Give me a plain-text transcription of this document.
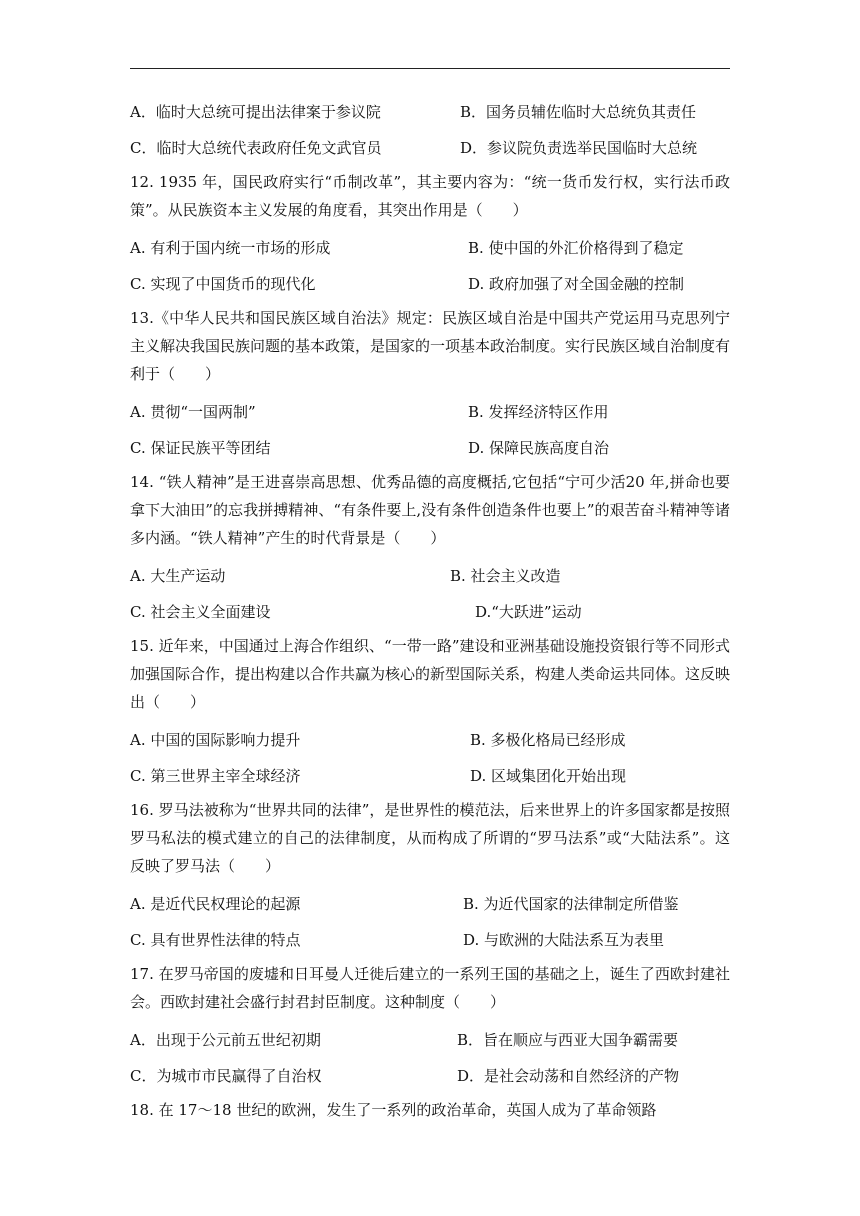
A．临时大总统可提出法律案于参议院	B．国务员辅佐临时大总统负其责任
C．临时大总统代表政府任免文武官员	D．参议院负责选举民国临时大总统

12. 1935 年，国民政府实行“币制改革”，其主要内容为：“统一货币发行权，实行法币政策”。从民族资本主义发展的角度看，其突出作用是（　　）

A. 有利于国内统一市场的形成	B. 使中国的外汇价格得到了稳定
C. 实现了中国货币的现代化	D. 政府加强了对全国金融的控制

13.《中华人民共和国民族区域自治法》规定：民族区域自治是中国共产党运用马克思列宁主义解决我国民族问题的基本政策，是国家的一项基本政治制度。实行民族区域自治制度有利于（　　）

A. 贯彻“一国两制”	B. 发挥经济特区作用
C. 保证民族平等团结	D. 保障民族高度自治

14. “铁人精神”是王进喜崇高思想、优秀品德的高度概括,它包括“宁可少活20 年,拼命也要拿下大油田”的忘我拼搏精神、“有条件要上,没有条件创造条件也要上”的艰苦奋斗精神等诸多内涵。“铁人精神”产生的时代背景是（　　）

A. 大生产运动	B. 社会主义改造
C. 社会主义全面建设	D.“大跃进”运动

15. 近年来，中国通过上海合作组织、“一带一路”建设和亚洲基础设施投资银行等不同形式加强国际合作，提出构建以合作共赢为核心的新型国际关系，构建人类命运共同体。这反映出（　　）

A. 中国的国际影响力提升	B. 多极化格局已经形成
C. 第三世界主宰全球经济	D. 区域集团化开始出现

16. 罗马法被称为“世界共同的法律”，是世界性的模范法，后来世界上的许多国家都是按照罗马私法的模式建立的自己的法律制度，从而构成了所谓的“罗马法系”或“大陆法系”。这反映了罗马法（　　）

A. 是近代民权理论的起源	B. 为近代国家的法律制定所借鉴
C. 具有世界性法律的特点	D. 与欧洲的大陆法系互为表里

17. 在罗马帝国的废墟和日耳曼人迁徙后建立的一系列王国的基础之上，诞生了西欧封建社会。西欧封建社会盛行封君封臣制度。这种制度（　　）

A．出现于公元前五世纪初期	B．旨在顺应与西亚大国争霸需要
C．为城市市民赢得了自治权	D．是社会动荡和自然经济的产物

18. 在 17～18 世纪的欧洲，发生了一系列的政治革命，英国人成为了革命领路
